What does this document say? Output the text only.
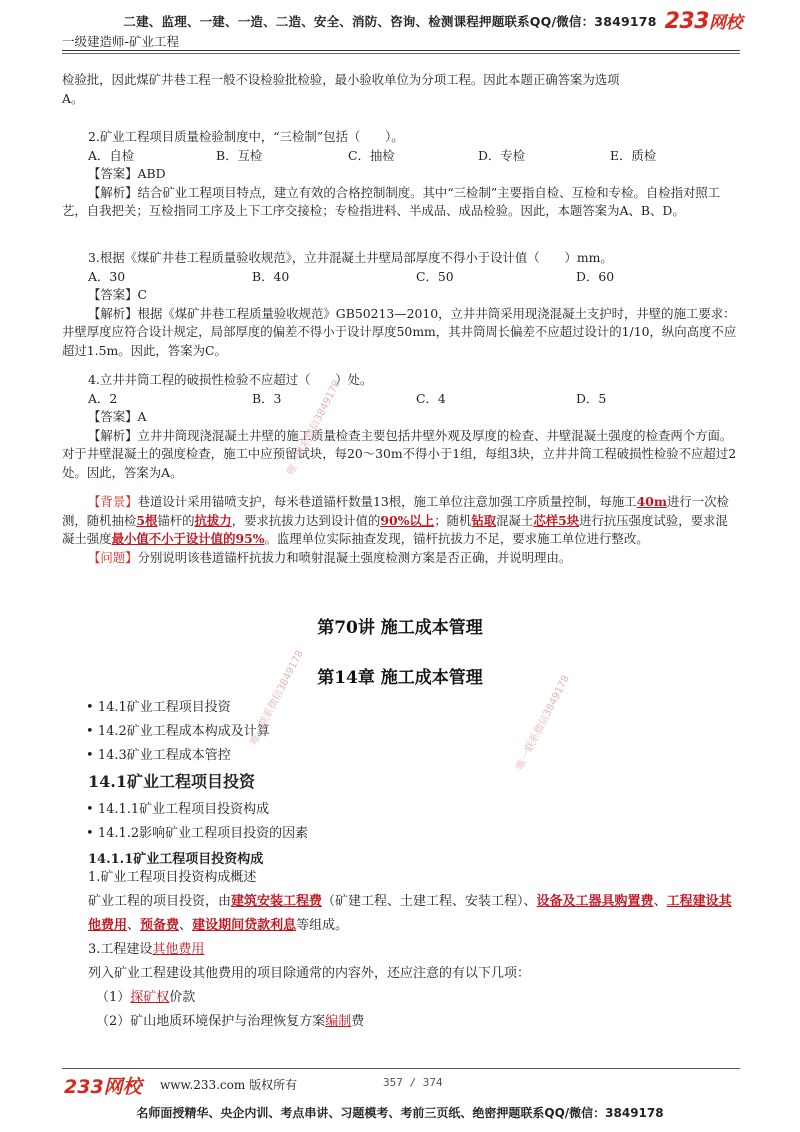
二建、监理、一建、一造、二造、安全、消防、咨询、检测课程押题联系QQ/微信：3849178
一级建造师-矿业工程
233网校
检验批，因此煤矿井巷工程一般不设检验批检验，最小验收单位为分项工程。因此本题正确答案为选项
A。
2.矿业工程项目质量检验制度中，“三检制”包括（　　）。
A．自检	B．互检	C．抽检	D．专检	E．质检
【答案】ABD
【解析】结合矿业工程项目特点，建立有效的合格控制制度。其中“三检制”主要指自检、互检和专检。自检指对照工艺，自我把关；互检指同工序及上下工序交接检；专检指进料、半成品、成品检验。因此，本题答案为A、B、D。
3.根据《煤矿井巷工程质量验收规范》，立井混凝土井壁局部厚度不得小于设计值（　　）mm。
A．30	B．40	C．50	D．60
【答案】C
【解析】根据《煤矿井巷工程质量验收规范》GB50213—2010，立井井筒采用现浇混凝土支护时，井壁的施工要求：井壁厚度应符合设计规定，局部厚度的偏差不得小于设计厚度50mm，其井筒周长偏差不应超过设计的1/10，纵向高度不应超过1.5m。因此，答案为C。
4.立井井筒工程的破损性检验不应超过（　　）处。
A．2	B．3	C．4	D．5
【答案】A
【解析】立井井筒现浇混凝土井壁的施工质量检查主要包括井壁外观及厚度的检查、井壁混凝土强度的检查两个方面。对于井壁混凝土的强度检查，施工中应预留试块，每20～30m不得小于1组，每组3块，立井井筒工程破损性检验不应超过2处。因此，答案为A。
【背景】巷道设计采用锚喷支护，每米巷道锚杆数量13根，施工单位注意加强工序质量控制，每施工40m进行一次检测，随机抽检5根锚杆的抗拔力，要求抗拔力达到设计值的90%以上；随机钻取混凝土芯样5块进行抗压强度试验，要求混凝土强度最小值不小于设计值的95%。监理单位实际抽查发现，锚杆抗拔力不足，要求施工单位进行整改。
【问题】分别说明该巷道锚杆抗拔力和喷射混凝土强度检测方案是否正确，并说明理由。
第70讲 施工成本管理
第14章 施工成本管理
• 14.1矿业工程项目投资
• 14.2矿业工程成本构成及计算
• 14.3矿业工程成本管控
14.1矿业工程项目投资
• 14.1.1矿业工程项目投资构成
• 14.1.2影响矿业工程项目投资的因素
14.1.1矿业工程项目投资构成
1.矿业工程项目投资构成概述
矿业工程的项目投资，由建筑安装工程费（矿建工程、土建工程、安装工程）、设备及工器具购置费、工程建设其他费用、预备费、建设期间贷款利息等组成。
3.工程建设其他费用
列入矿业工程建设其他费用的项目除通常的内容外，还应注意的有以下几项：
（1）探矿权价款
（2）矿山地质环境保护与治理恢复方案编制费
唯一联系微信3849178
唯一联系微信3849178	唯一联系微信3849178
233网校 www.233.com 版权所有	357 / 374
名师面授精华、央企内训、考点串讲、习题模考、考前三页纸、绝密押题联系QQ/微信：3849178
